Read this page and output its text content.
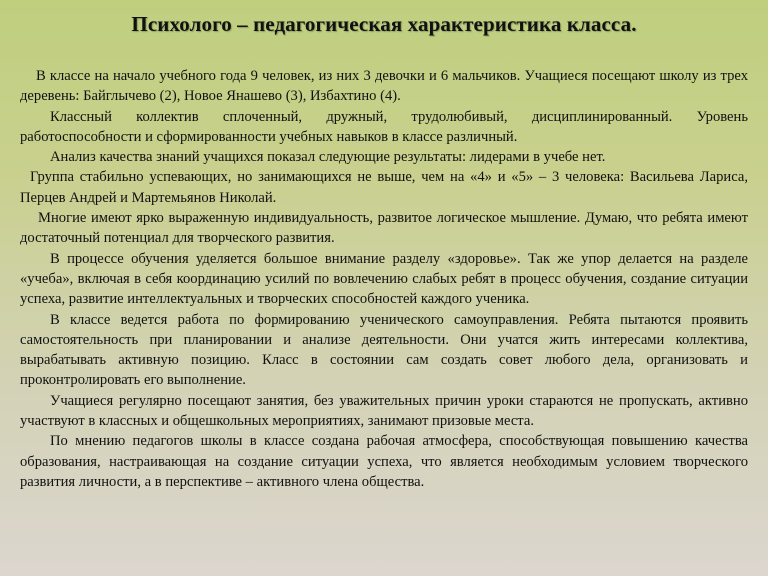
Психолого – педагогическая характеристика класса.

В классе на начало учебного года 9 человек, из них 3 девочки и 6 мальчиков. Учащиеся посещают школу из трех деревень: Байглычево (2), Новое Янашево (3), Избахтино (4).

Классный коллектив сплоченный, дружный, трудолюбивый, дисциплинированный. Уровень работоспособности и сформированности учебных навыков в классе различный.

Анализ качества знаний учащихся показал следующие результаты: лидерами в учебе нет.

Группа стабильно успевающих, но занимающихся не выше, чем на «4» и «5» – 3 человека: Васильева Лариса, Перцев Андрей и Мартемьянов Николай.

Многие имеют ярко выраженную индивидуальность, развитое логическое мышление. Думаю, что ребята имеют достаточный потенциал для творческого развития.

В процессе обучения уделяется большое внимание разделу «здоровье». Так же упор делается на разделе «учеба», включая в себя координацию усилий по вовлечению слабых ребят в процесс обучения, создание ситуации успеха, развитие интеллектуальных и творческих способностей каждого ученика.

В классе ведется работа по формированию ученического самоуправления. Ребята пытаются проявить самостоятельность при планировании и анализе деятельности. Они учатся жить интересами коллектива, вырабатывать активную позицию. Класс в состоянии сам создать совет любого дела, организовать и проконтролировать его выполнение.

Учащиеся регулярно посещают занятия, без уважительных причин уроки стараются не пропускать, активно участвуют в классных и общешкольных мероприятиях, занимают призовые места.

По мнению педагогов школы в классе создана рабочая атмосфера, способствующая повышению качества образования, настраивающая на создание ситуации успеха, что является необходимым условием творческого развития личности, а в перспективе – активного члена общества.
